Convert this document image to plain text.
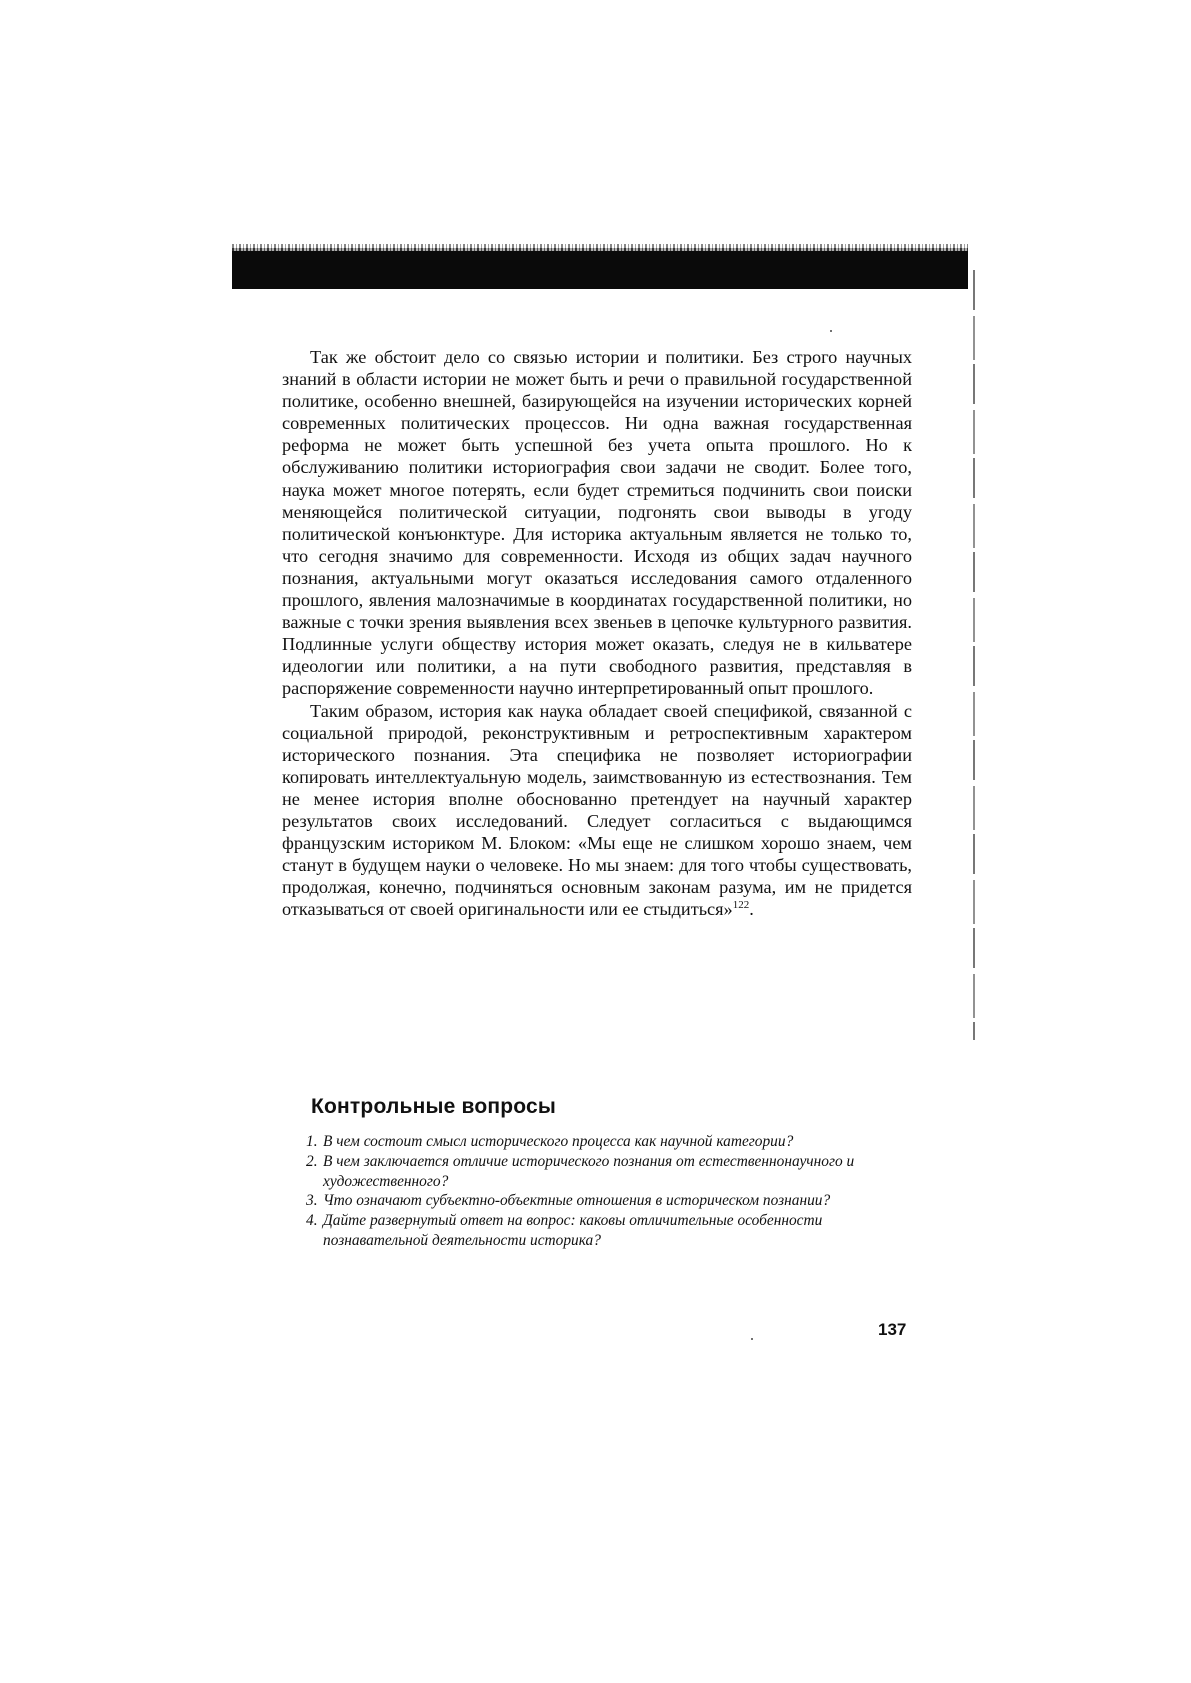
Так же обстоит дело со связью истории и политики. Без строго научных знаний в области истории не может быть и речи о правильной государственной политике, особенно внешней, базирующейся на изучении исторических корней современных политических процессов. Ни одна важная государственная реформа не может быть успешной без учета опыта прошлого. Но к обслуживанию политики историография свои задачи не сводит. Более того, наука может многое потерять, если будет стремиться подчинить свои поиски меняющейся политической ситуации, подгонять свои выводы в угоду политической конъюнктуре. Для историка актуальным является не только то, что сегодня значимо для современности. Исходя из общих задач научного познания, актуальными могут оказаться исследования самого отдаленного прошлого, явления малозначимые в координатах государственной политики, но важные с точки зрения выявления всех звеньев в цепочке культурного развития. Подлинные услуги обществу история может оказать, следуя не в кильватере идеологии или политики, а на пути свободного развития, представляя в распоряжение современности научно интерпретированный опыт прошлого.

Таким образом, история как наука обладает своей спецификой, связанной с социальной природой, реконструктивным и ретроспективным характером исторического познания. Эта специфика не позволяет историографии копировать интеллектуальную модель, заимствованную из естествознания. Тем не менее история вполне обоснованно претендует на научный характер результатов своих исследований. Следует согласиться с выдающимся французским историком М. Блоком: «Мы еще не слишком хорошо знаем, чем станут в будущем науки о человеке. Но мы знаем: для того чтобы существовать, продолжая, конечно, подчиняться основным законам разума, им не придется отказываться от своей оригинальности или ее стыдиться»$^{122}$.

Контрольные вопросы
1. В чем состоит смысл исторического процесса как научной категории?
2. В чем заключается отличие исторического познания от естественнонаучного и художественного?
3. Что означают субъектно-объектные отношения в историческом познании?
4. Дайте развернутый ответ на вопрос: каковы отличительные особенности познавательной деятельности историка?
137
